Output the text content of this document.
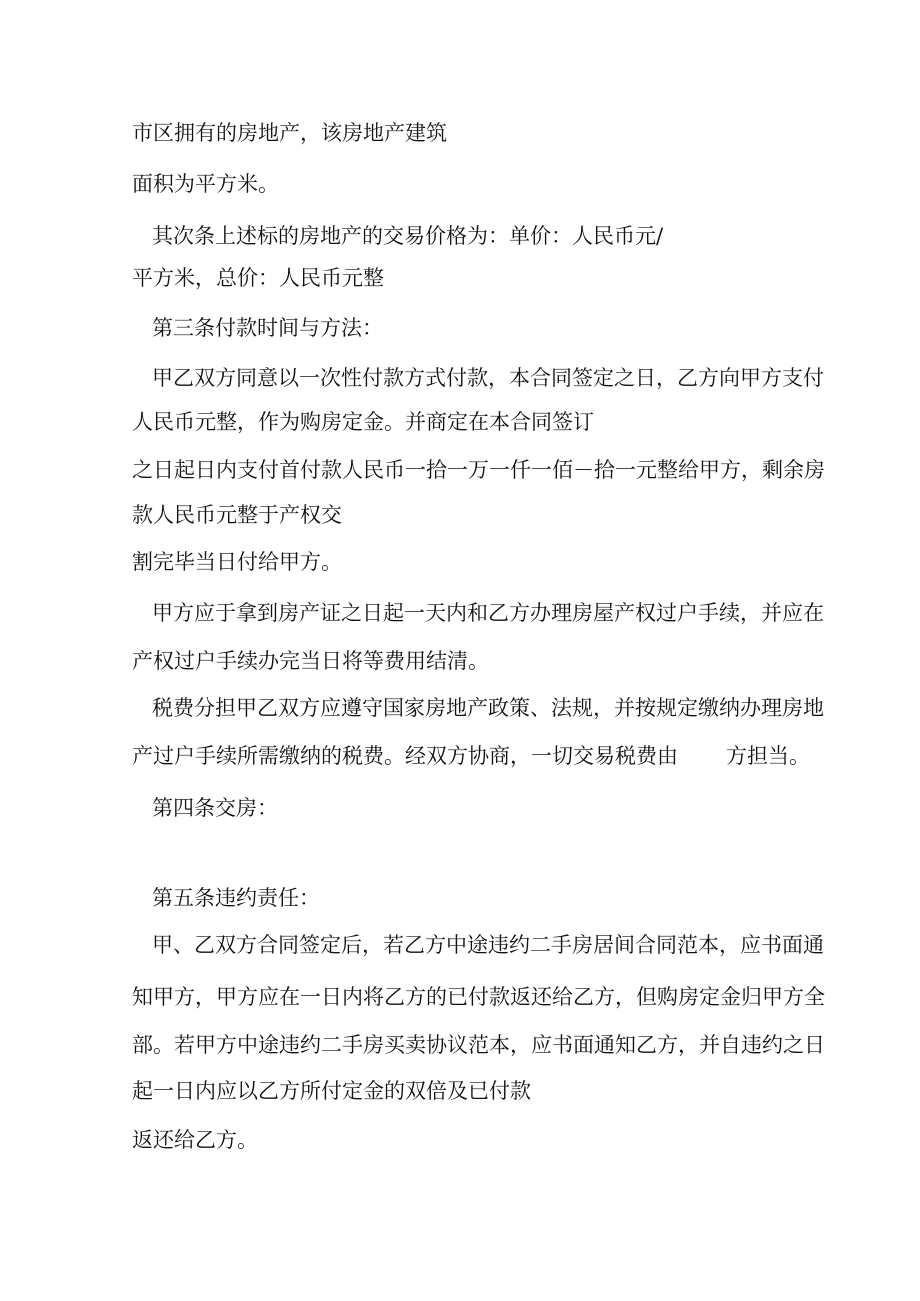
市区拥有的房地产，该房地产建筑
面积为平方米。
其次条上述标的房地产的交易价格为：单价：人民币元/
平方米，总价：人民币元整
第三条付款时间与方法：
甲乙双方同意以一次性付款方式付款，本合同签定之日，乙方向甲方支付
人民币元整，作为购房定金。并商定在本合同签订
之日起日内支付首付款人民币一拾一万一仟一佰－拾一元整给甲方，剩余房
款人民币元整于产权交
割完毕当日付给甲方。
甲方应于拿到房产证之日起一天内和乙方办理房屋产权过户手续，并应在
产权过户手续办完当日将等费用结清。
税费分担甲乙双方应遵守国家房地产政策、法规，并按规定缴纳办理房地
产过户手续所需缴纳的税费。经双方协商，一切交易税费由 方担当。
第四条交房：
第五条违约责任：
甲、乙双方合同签定后，若乙方中途违约二手房居间合同范本，应书面通
知甲方，甲方应在一日内将乙方的已付款返还给乙方，但购房定金归甲方全
部。若甲方中途违约二手房买卖协议范本，应书面通知乙方，并自违约之日
起一日内应以乙方所付定金的双倍及已付款
返还给乙方。
